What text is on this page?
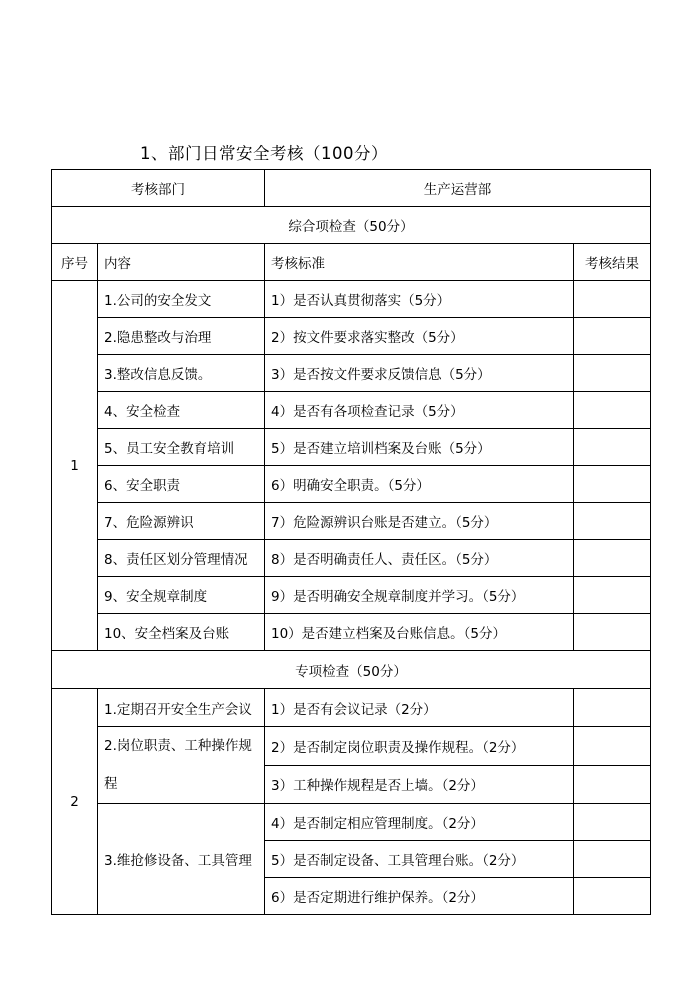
1、部门日常安全考核（100分）
考核部门		生产运营部	
综合项检查（50分）			
序号	内容	考核标准	考核结果
1	1.公司的安全发文	1）是否认真贯彻落实（5分）	
	2.隐患整改与治理	2）按文件要求落实整改（5分）	
	3.整改信息反馈。	3）是否按文件要求反馈信息（5分）	
	4、安全检查	4）是否有各项检查记录（5分）	
	5、员工安全教育培训	5）是否建立培训档案及台账（5分）	
	6、安全职责	6）明确安全职责。（5分）	
	7、危险源辨识	7）危险源辨识台账是否建立。（5分）	
	8、责任区划分管理情况	8）是否明确责任人、责任区。（5分）	
	9、安全规章制度	9）是否明确安全规章制度并学习。（5分）	
	10、安全档案及台账	10）是否建立档案及台账信息。（5分）	
专项检查（50分）			
2	1.定期召开安全生产会议	1）是否有会议记录（2分）	
	2.岗位职责、工种操作规程	2）是否制定岗位职责及操作规程。（2分）	
		3）工种操作规程是否上墙。（2分）	
	3.维抢修设备、工具管理	4）是否制定相应管理制度。（2分）	
		5）是否制定设备、工具管理台账。（2分）	
		6）是否定期进行维护保养。（2分）	
